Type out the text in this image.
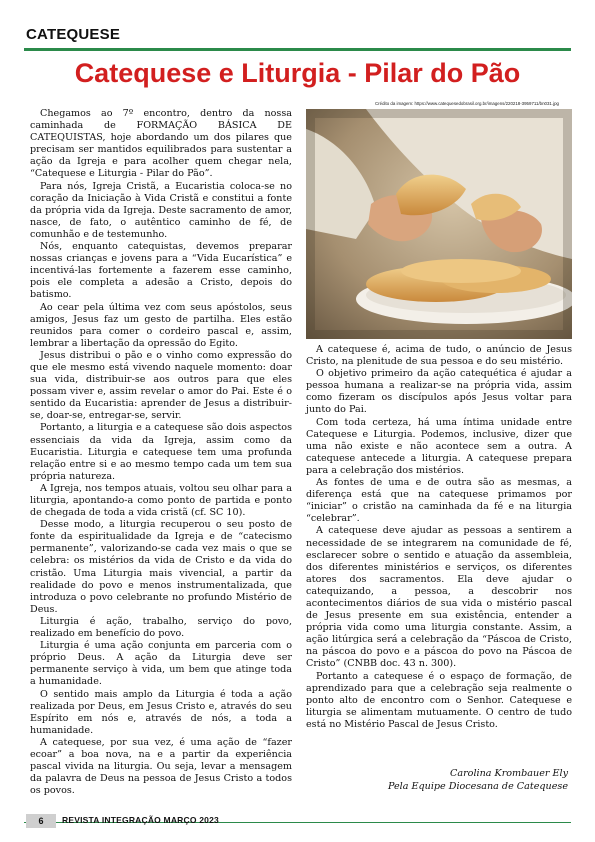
CATEQUESE
Catequese e Liturgia - Pilar do Pão
Crédito da imagem: https://www.catequesedobrasil.org.br/imagens/220218-3959711/bn031.jpg

Chegamos ao 7º encontro, dentro da nossa caminhada de FORMAÇÃO BÁSICA DE CATEQUISTAS, hoje abordando um dos pilares que precisam ser mantidos equilibrados para sustentar a ação da Igreja e para acolher quem chegar nela, “Catequese e Liturgia - Pilar do Pão”.

Para nós, Igreja Cristã, a Eucaristia coloca-se no coração da Iniciação à Vida Cristã e constitui a fonte da própria vida da Igreja. Deste sacramento de amor, nasce, de fato, o autêntico caminho de fé, de comunhão e de testemunho.

Nós, enquanto catequistas, devemos preparar nossas crianças e jovens para a “Vida Eucarística” e incentivá-las fortemente a fazerem esse caminho, pois ele completa a adesão a Cristo, depois do batismo.

Ao cear pela última vez com seus apóstolos, seus amigos, Jesus faz um gesto de partilha. Eles estão reunidos para comer o cordeiro pascal e, assim, lembrar a libertação da opressão do Egito.

Jesus distribui o pão e o vinho como expressão do que ele mesmo está vivendo naquele momento: doar sua vida, distribuir-se aos outros para que eles possam viver e, assim revelar o amor do Pai. Este é o sentido da Eucaristia: aprender de Jesus a distribuir-se, doar-se, entregar-se, servir.

Portanto, a liturgia e a catequese são dois aspectos essenciais da vida da Igreja, assim como da Eucaristia. Liturgia e catequese tem uma profunda relação entre si e ao mesmo tempo cada um tem sua própria natureza.

A Igreja, nos tempos atuais, voltou seu olhar para a liturgia, apontando-a como ponto de partida e ponto de chegada de toda a vida cristã (cf. SC 10).

Desse modo, a liturgia recuperou o seu posto de fonte da espiritualidade da Igreja e de “catecismo permanente”, valorizando-se cada vez mais o que se celebra: os mistérios da vida de Cristo e da vida do cristão. Uma Liturgia mais vivencial, a partir da realidade do povo e menos instrumentalizada, que introduza o povo celebrante no profundo Mistério de Deus.

Liturgia é ação, trabalho, serviço do povo, realizado em benefício do povo.

Liturgia é uma ação conjunta em parceria com o próprio Deus. A ação da Liturgia deve ser permanente serviço à vida, um bem que atinge toda a humanidade.

O sentido mais amplo da Liturgia é toda a ação realizada por Deus, em Jesus Cristo e, através do seu Espírito em nós e, através de nós, a toda a humanidade.

A catequese, por sua vez, é uma ação de “fazer ecoar” a boa nova, na e a partir da experiência pascal vivida na liturgia. Ou seja, levar a mensagem da palavra de Deus na pessoa de Jesus Cristo a todos os povos.

A catequese é, acima de tudo, o anúncio de Jesus Cristo, na plenitude de sua pessoa e do seu mistério.

O objetivo primeiro da ação catequética é ajudar a pessoa humana a realizar-se na própria vida, assim como fizeram os discípulos após Jesus voltar para junto do Pai.

Com toda certeza, há uma íntima unidade entre Catequese e Liturgia. Podemos, inclusive, dizer que uma não existe e não acontece sem a outra. A catequese antecede a liturgia. A catequese prepara para a celebração dos mistérios.

As fontes de uma e de outra são as mesmas, a diferença está que na catequese primamos por “iniciar” o cristão na caminhada da fé e na liturgia “celebrar”.

A catequese deve ajudar as pessoas a sentirem a necessidade de se integrarem na comunidade de fé, esclarecer sobre o sentido e atuação da assembleia, dos diferentes ministérios e serviços, os diferentes atores dos sacramentos. Ela deve ajudar o catequizando, a pessoa, a descobrir nos acontecimentos diários de sua vida o mistério pascal de Jesus presente em sua existência, entender a própria vida como uma liturgia constante. Assim, a ação litúrgica será a celebração da “Páscoa de Cristo, na páscoa do povo e a páscoa do povo na Páscoa de Cristo” (CNBB doc. 43 n. 300).

Portanto a catequese é o espaço de formação, de aprendizado para que a celebração seja realmente o ponto alto de encontro com o Senhor. Catequese e liturgia se alimentam mutuamente. O centro de tudo está no Mistério Pascal de Jesus Cristo.

Carolina Krombauer Ely
Pela Equipe Diocesana de Catequese
6	REVISTA INTEGRAÇÃO MARÇO 2023
